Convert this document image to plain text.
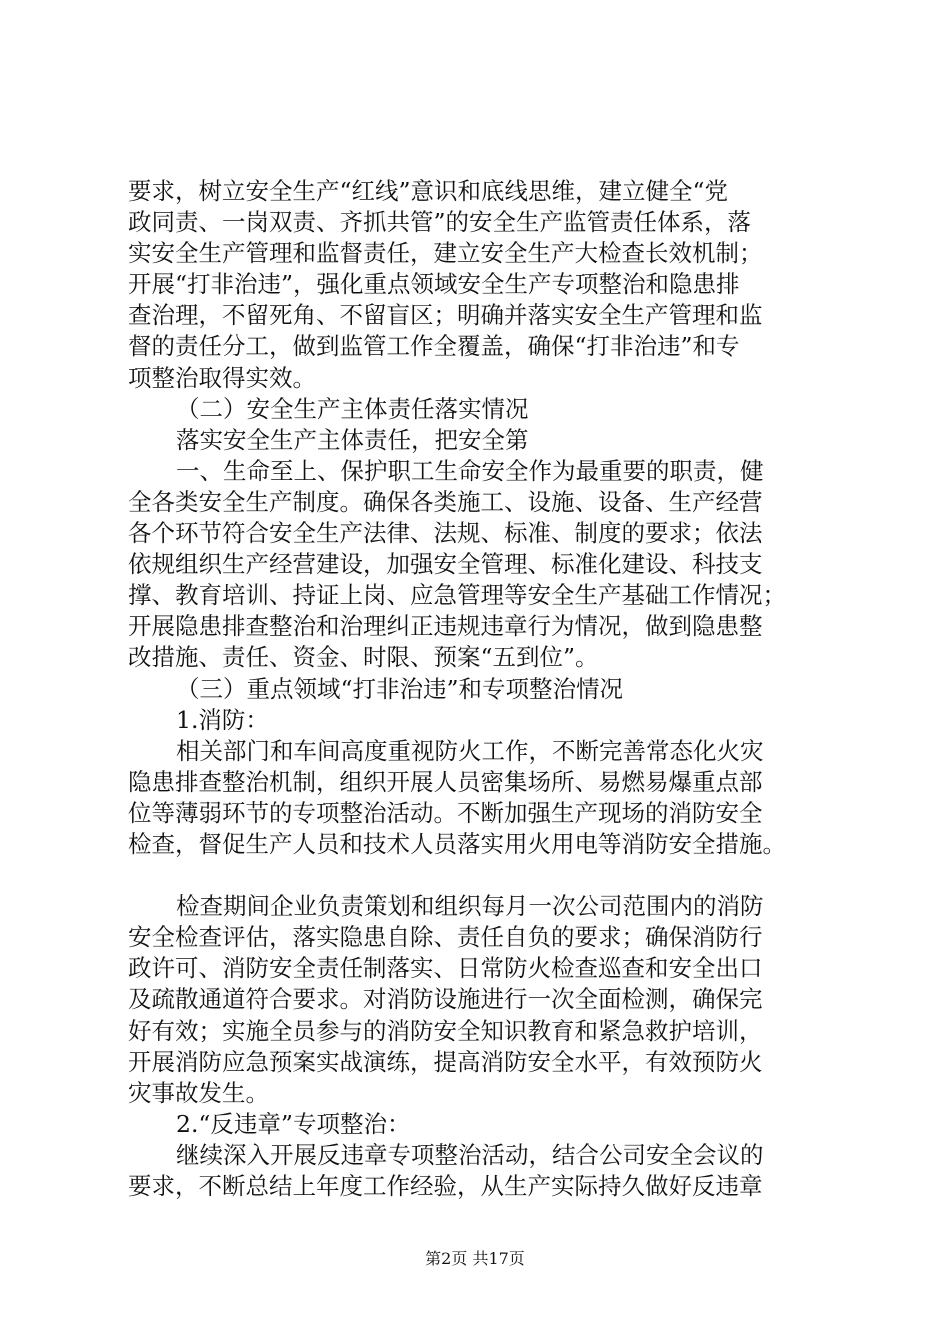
要求，树立安全生产“红线”意识和底线思维，建立健全“党
政同责、一岗双责、齐抓共管”的安全生产监管责任体系，落
实安全生产管理和监督责任，建立安全生产大检查长效机制；
开展“打非治违”，强化重点领域安全生产专项整治和隐患排
查治理，不留死角、不留盲区；明确并落实安全生产管理和监
督的责任分工，做到监管工作全覆盖，确保“打非治违”和专
项整治取得实效。
（二）安全生产主体责任落实情况
落实安全生产主体责任，把安全第
一、生命至上、保护职工生命安全作为最重要的职责，健
全各类安全生产制度。确保各类施工、设施、设备、生产经营
各个环节符合安全生产法律、法规、标准、制度的要求；依法
依规组织生产经营建设，加强安全管理、标准化建设、科技支
撑、教育培训、持证上岗、应急管理等安全生产基础工作情况；
开展隐患排查整治和治理纠正违规违章行为情况，做到隐患整
改措施、责任、资金、时限、预案“五到位”。
（三）重点领域“打非治违”和专项整治情况
1.消防：
相关部门和车间高度重视防火工作，不断完善常态化火灾
隐患排查整治机制，组织开展人员密集场所、易燃易爆重点部
位等薄弱环节的专项整治活动。不断加强生产现场的消防安全
检查，督促生产人员和技术人员落实用火用电等消防安全措施。
检查期间企业负责策划和组织每月一次公司范围内的消防
安全检查评估，落实隐患自除、责任自负的要求；确保消防行
政许可、消防安全责任制落实、日常防火检查巡查和安全出口
及疏散通道符合要求。对消防设施进行一次全面检测，确保完
好有效；实施全员参与的消防安全知识教育和紧急救护培训，
开展消防应急预案实战演练，提高消防安全水平，有效预防火
灾事故发生。
2.“反违章”专项整治：
继续深入开展反违章专项整治活动，结合公司安全会议的
要求，不断总结上年度工作经验，从生产实际持久做好反违章
第2页 共17页
